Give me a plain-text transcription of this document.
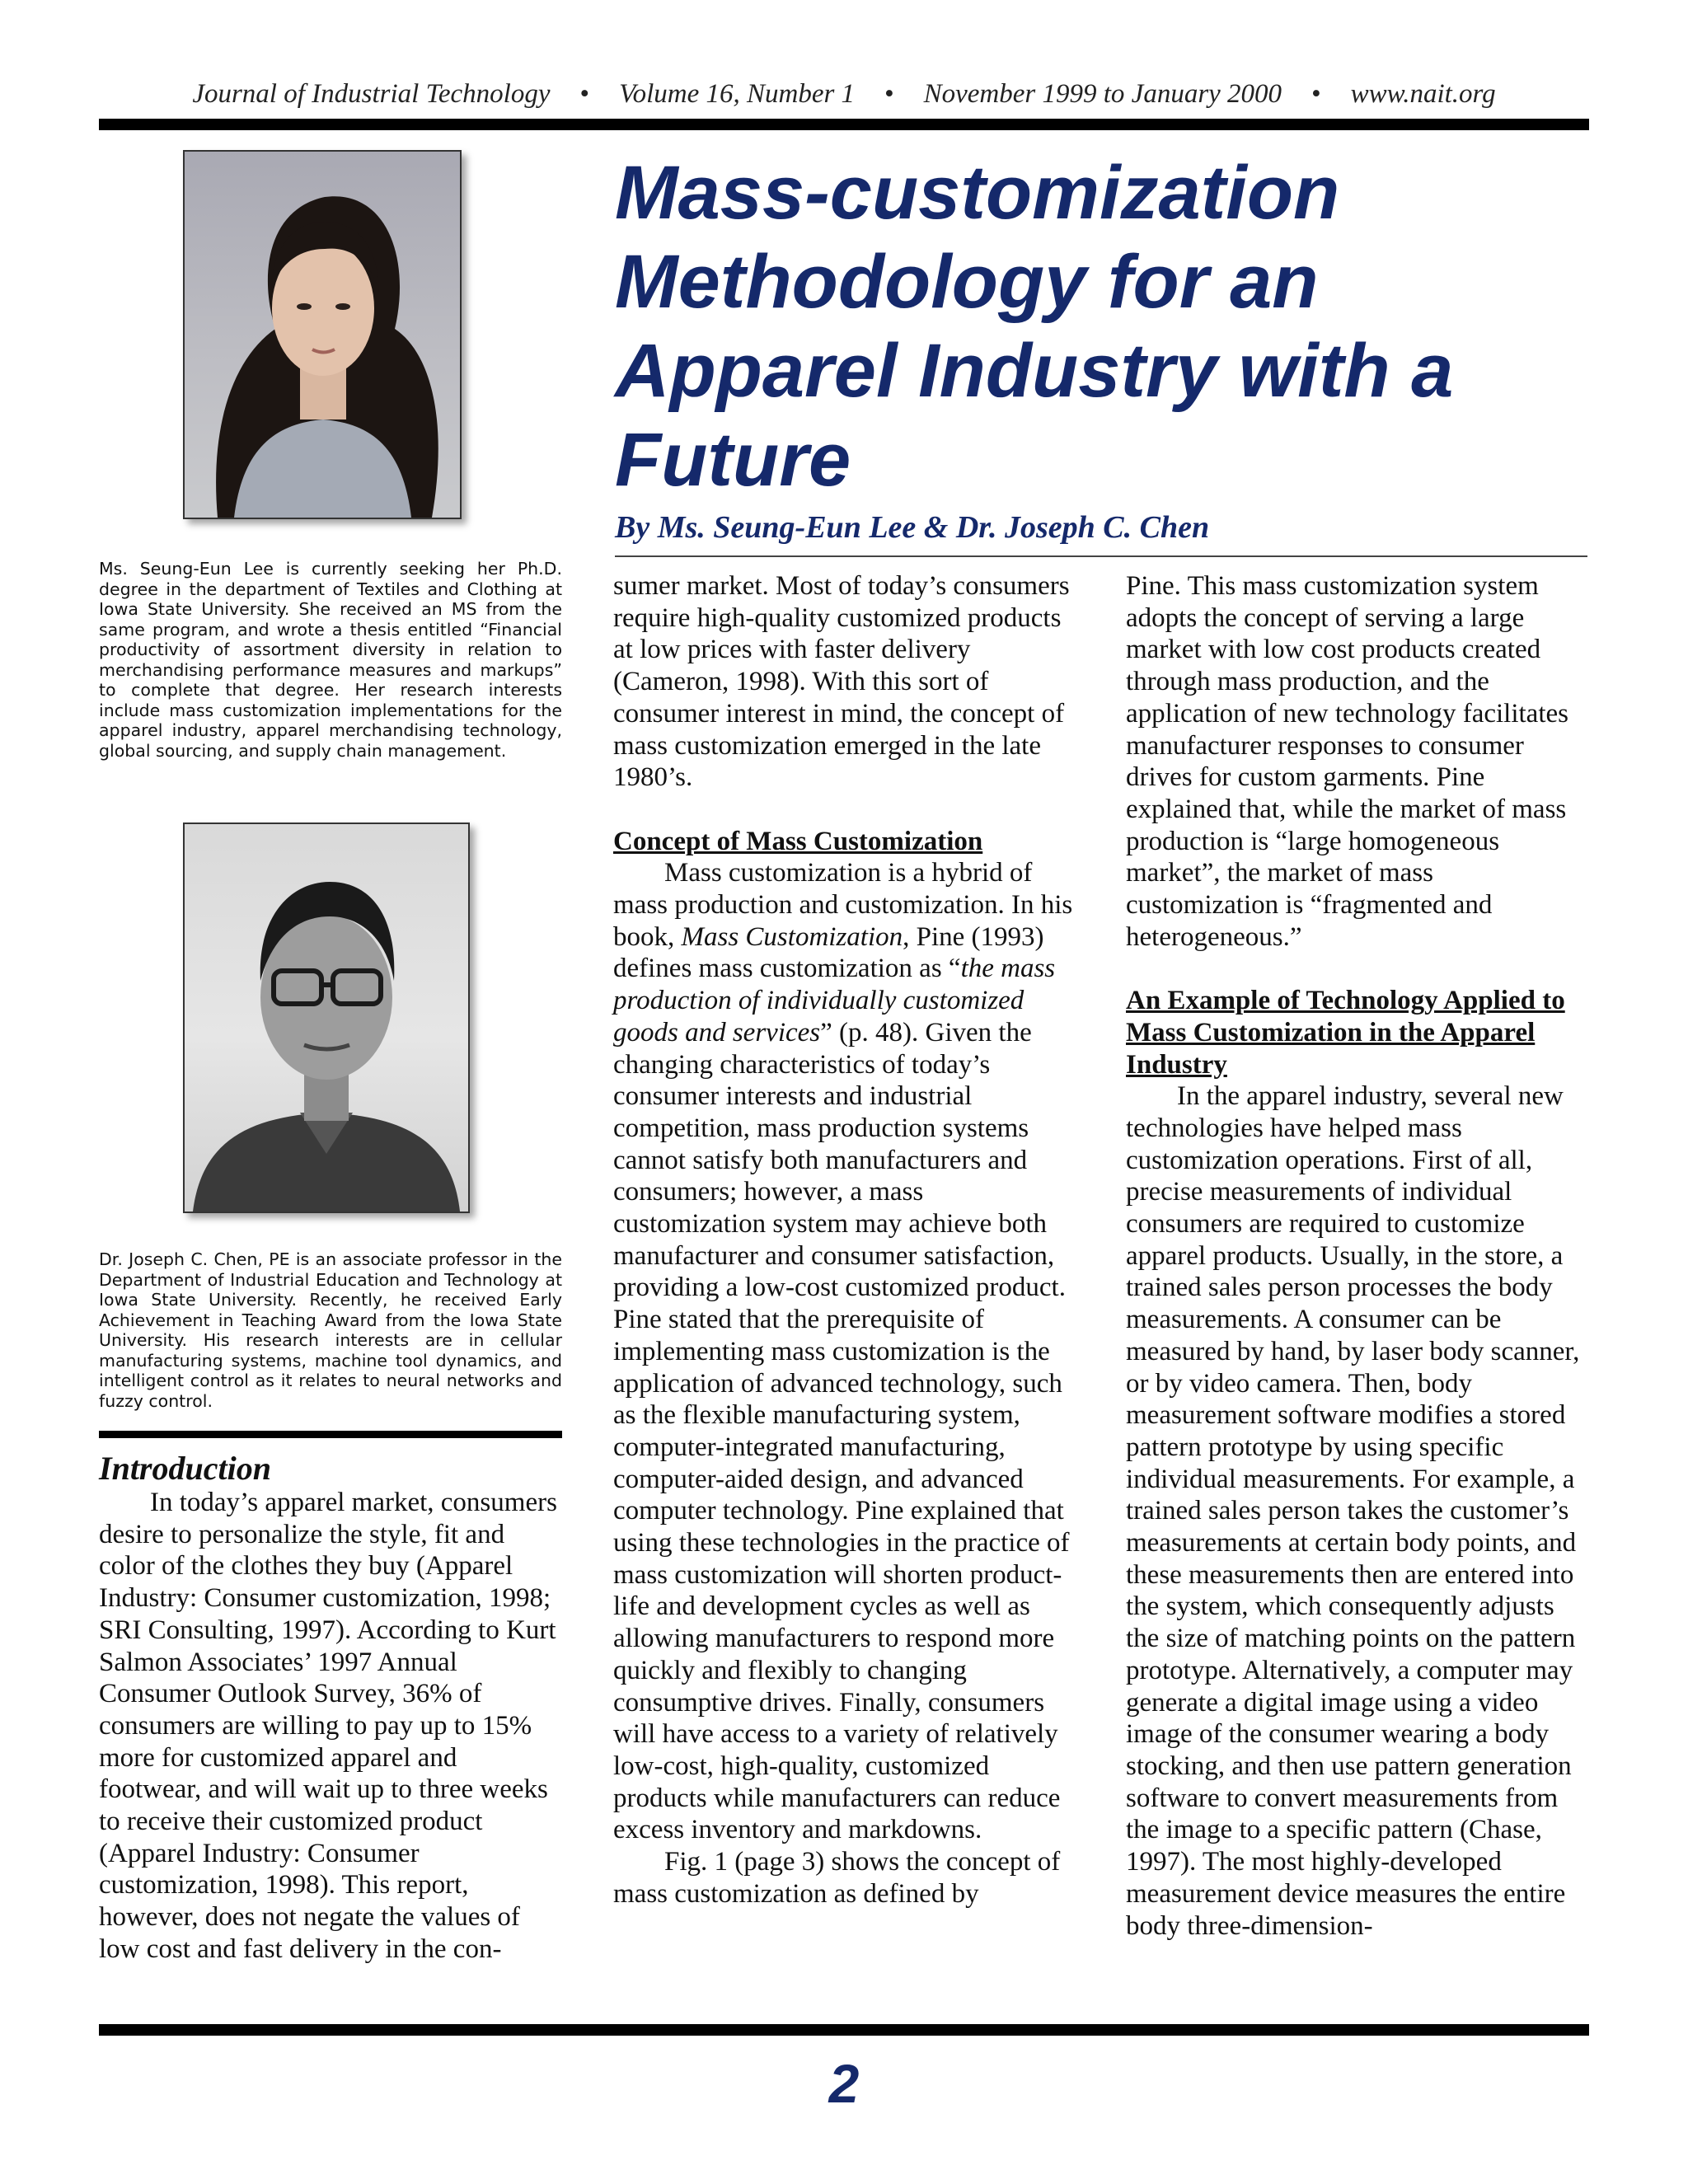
Journal of Industrial Technology • Volume 16, Number 1 • November 1999 to January 2000 • www.nait.org
Ms. Seung-Eun Lee is currently seeking her Ph.D. degree in the department of Textiles and Clothing at Iowa State University. She received an MS from the same program, and wrote a thesis entitled “Financial productivity of assortment diversity in relation to merchandising performance measures and markups” to complete that degree. Her research interests include mass customization implementations for the apparel industry, apparel merchandising technology, global sourcing, and supply chain management.
Dr. Joseph C. Chen, PE is an associate professor in the Department of Industrial Education and Technology at Iowa State University. Recently, he received Early Achievement in Teaching Award from the Iowa State University. His research interests are in cellular manufacturing systems, machine tool dynamics, and intelligent control as it relates to neural networks and fuzzy control.
Mass-customization Methodology for an Apparel Industry with a Future
By Ms. Seung-Eun Lee & Dr. Joseph C. Chen
Introduction

In today’s apparel market, consumers desire to personalize the style, fit and color of the clothes they buy (Apparel Industry: Consumer customization, 1998; SRI Consulting, 1997). According to Kurt Salmon Associates’ 1997 Annual Consumer Outlook Survey, 36% of consumers are willing to pay up to 15% more for customized apparel and footwear, and will wait up to three weeks to receive their customized product (Apparel Industry: Consumer customization, 1998). This report, however, does not negate the values of low cost and fast delivery in the con-

sumer market. Most of today’s consumers require high-quality customized products at low prices with faster delivery (Cameron, 1998). With this sort of consumer interest in mind, the concept of mass customization emerged in the late 1980’s.

Concept of Mass Customization

Mass customization is a hybrid of mass production and customization. In his book, Mass Customization, Pine (1993) defines mass customization as “the mass production of individually customized goods and services” (p. 48). Given the changing characteristics of today’s consumer interests and industrial competition, mass production systems cannot satisfy both manufacturers and consumers; however, a mass customization system may achieve both manufacturer and consumer satisfaction, providing a low-cost customized product. Pine stated that the prerequisite of implementing mass customization is the application of advanced technology, such as the flexible manufacturing system, computer-integrated manufacturing, computer-aided design, and advanced computer technology. Pine explained that using these technologies in the practice of mass customization will shorten product-life and development cycles as well as allowing manufacturers to respond more quickly and flexibly to changing consumptive drives. Finally, consumers will have access to a variety of relatively low-cost, high-quality, customized products while manufacturers can reduce excess inventory and markdowns.

Fig. 1 (page 3) shows the concept of mass customization as defined by

Pine. This mass customization system adopts the concept of serving a large market with low cost products created through mass production, and the application of new technology facilitates manufacturer responses to consumer drives for custom garments. Pine explained that, while the market of mass production is “large homogeneous market”, the market of mass customization is “fragmented and heterogeneous.”

An Example of Technology Applied to Mass Customization in the Apparel Industry

In the apparel industry, several new technologies have helped mass customization operations. First of all, precise measurements of individual consumers are required to customize apparel products. Usually, in the store, a trained sales person processes the body measurements. A consumer can be measured by hand, by laser body scanner, or by video camera. Then, body measurement software modifies a stored pattern prototype by using specific individual measurements. For example, a trained sales person takes the customer’s measurements at certain body points, and these measurements then are entered into the system, which consequently adjusts the size of matching points on the pattern prototype. Alternatively, a computer may generate a digital image using a video image of the consumer wearing a body stocking, and then use pattern generation software to convert measurements from the image to a specific pattern (Chase, 1997). The most highly-developed measurement device measures the entire body three-dimension-

2
